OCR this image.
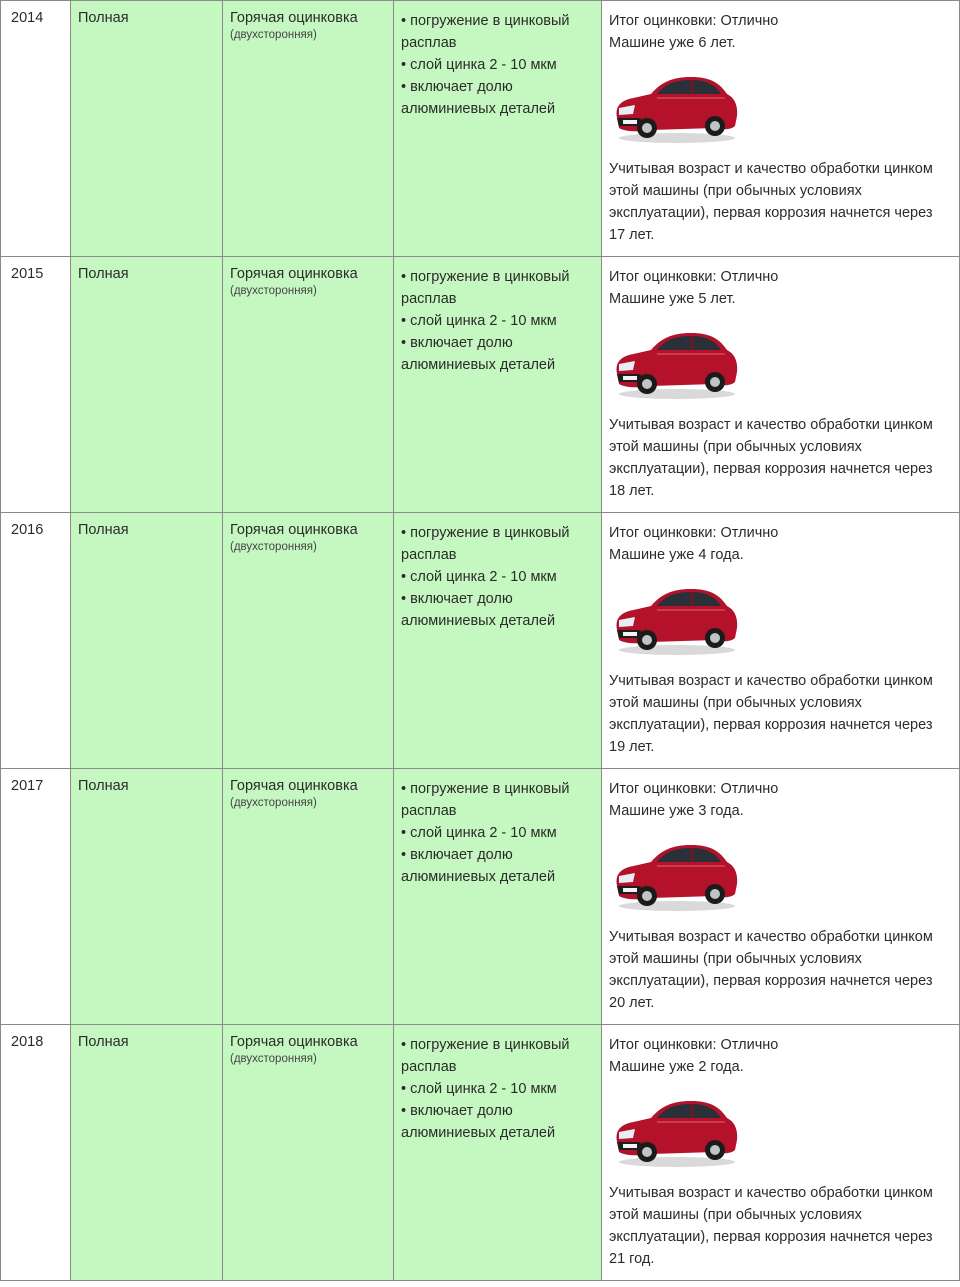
2014	Полная	Горячая оцинковка
(двухсторонняя)	• погружение в цинковый расплав
• слой цинка 2 - 10 мкм
• включает долю алюминиевых деталей	Итог оцинковки: Отлично
Машине уже 6 лет.
Учитывая возраст и качество обработки цинком этой машины (при обычных условиях эксплуатации), первая коррозия начнется через 17 лет.

2015	Полная	Горячая оцинковка
(двухсторонняя)	• погружение в цинковый расплав
• слой цинка 2 - 10 мкм
• включает долю алюминиевых деталей	Итог оцинковки: Отлично
Машине уже 5 лет.
Учитывая возраст и качество обработки цинком этой машины (при обычных условиях эксплуатации), первая коррозия начнется через 18 лет.

2016	Полная	Горячая оцинковка
(двухсторонняя)	• погружение в цинковый расплав
• слой цинка 2 - 10 мкм
• включает долю алюминиевых деталей	Итог оцинковки: Отлично
Машине уже 4 года.
Учитывая возраст и качество обработки цинком этой машины (при обычных условиях эксплуатации), первая коррозия начнется через 19 лет.

2017	Полная	Горячая оцинковка
(двухсторонняя)	• погружение в цинковый расплав
• слой цинка 2 - 10 мкм
• включает долю алюминиевых деталей	Итог оцинковки: Отлично
Машине уже 3 года.
Учитывая возраст и качество обработки цинком этой машины (при обычных условиях эксплуатации), первая коррозия начнется через 20 лет.

2018	Полная	Горячая оцинковка
(двухсторонняя)	• погружение в цинковый расплав
• слой цинка 2 - 10 мкм
• включает долю алюминиевых деталей	Итог оцинковки: Отлично
Машине уже 2 года.
Учитывая возраст и качество обработки цинком этой машины (при обычных условиях эксплуатации), первая коррозия начнется через 21 год.
